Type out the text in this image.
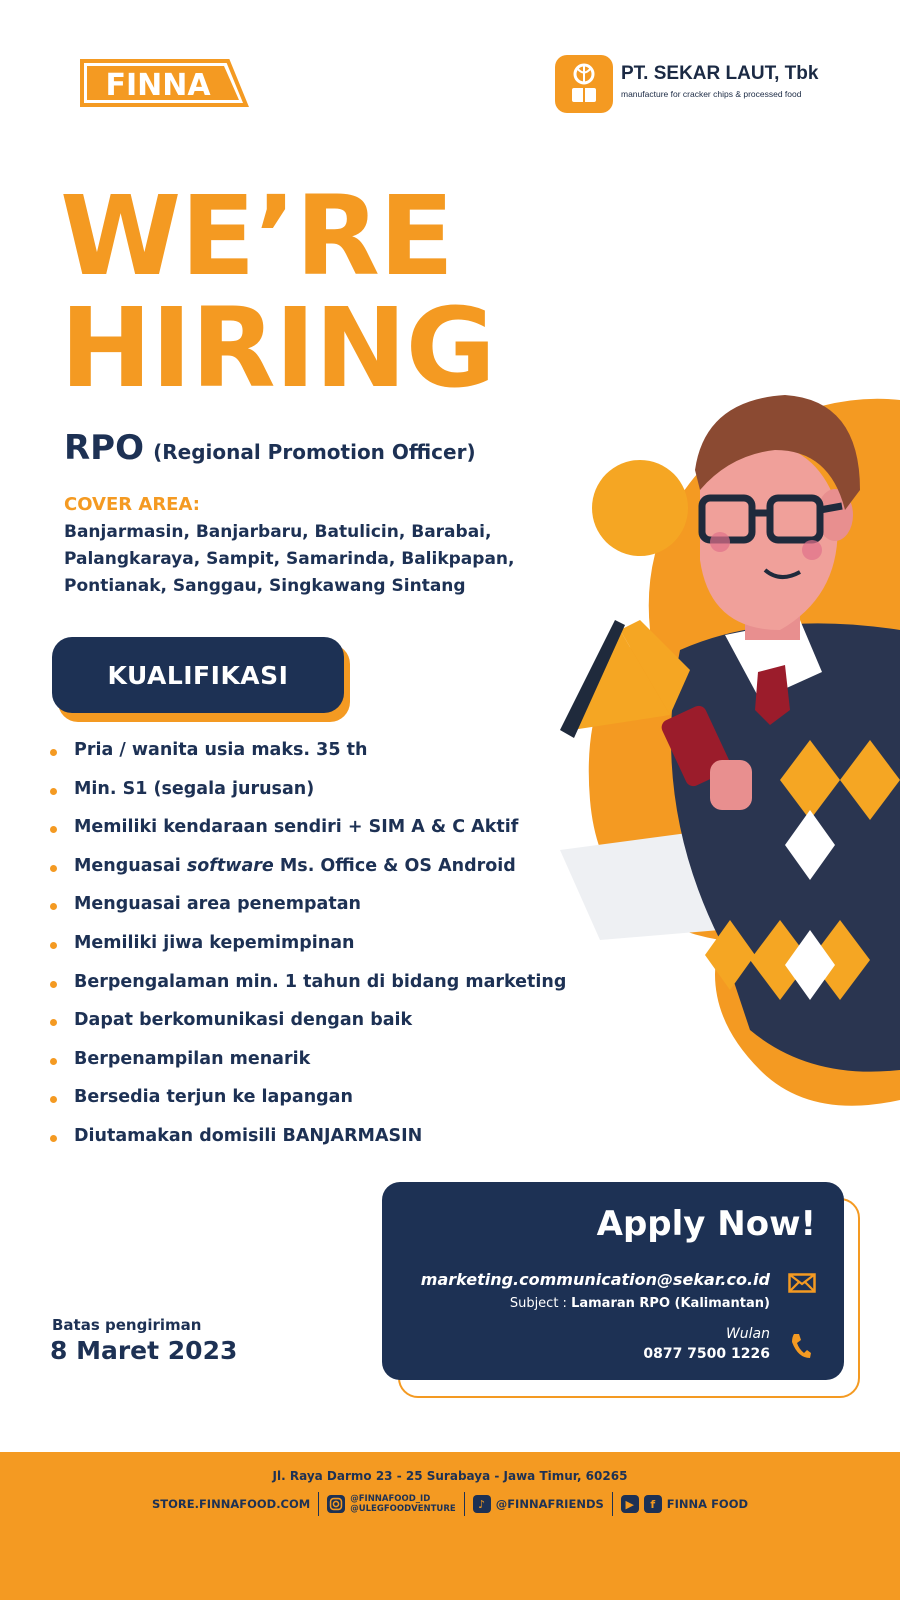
FINNA	PT. SEKAR LAUT, Tbk
manufacture for cracker chips & processed food
WE’RE
HIRING
RPO (Regional Promotion Officer)
COVER AREA:
Banjarmasin, Banjarbaru, Batulicin, Barabai, Palangkaraya, Sampit, Samarinda, Balikpapan, Pontianak, Sanggau, Singkawang Sintang
KUALIFIKASI
Pria / wanita usia maks. 35 th
Min. S1 (segala jurusan)
Memiliki kendaraan sendiri + SIM A & C Aktif
Menguasai software Ms. Office & OS Android
Menguasai area penempatan
Memiliki jiwa kepemimpinan
Berpengalaman min. 1 tahun di bidang marketing
Dapat berkomunikasi dengan baik
Berpenampilan menarik
Bersedia terjun ke lapangan
Diutamakan domisili BANJARMASIN
Apply Now!
marketing.communication@sekar.co.id
Subject : Lamaran RPO (Kalimantan)
Wulan
0877 7500 1226
Batas pengiriman
8 Maret 2023
Jl. Raya Darmo 23 - 25 Surabaya - Jawa Timur, 60265
STORE.FINNAFOOD.COM	@FINNAFOOD_ID
@ULEGFOODVENTURE	♪ @FINNAFRIENDS	▶	f	FINNA FOOD
